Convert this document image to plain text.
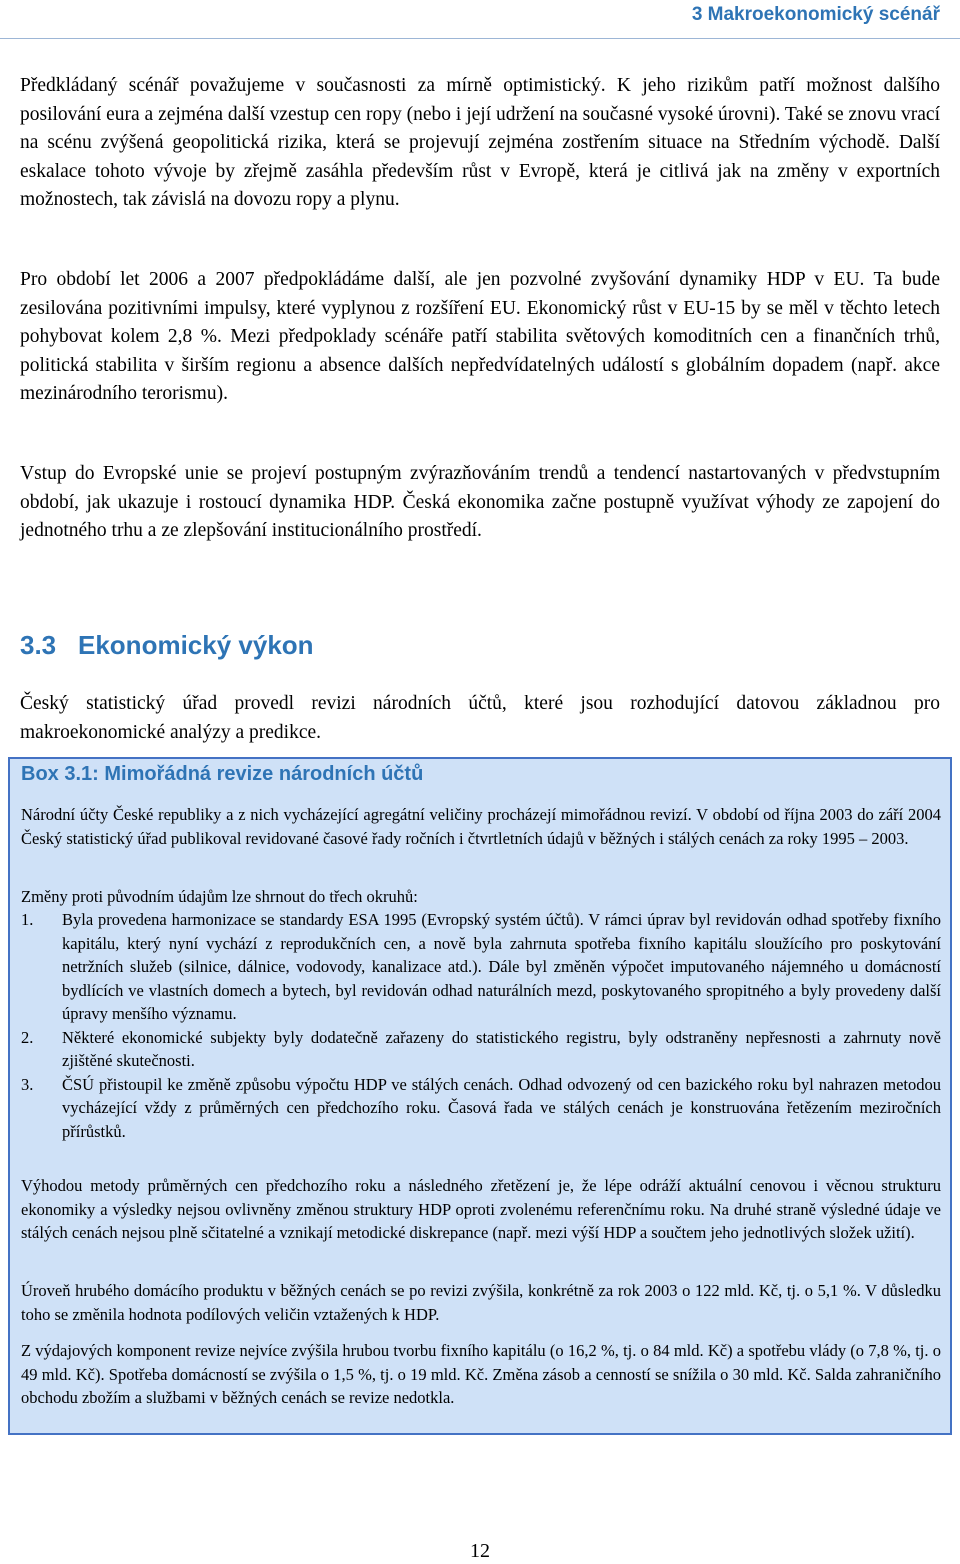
3 Makroekonomický scénář

Předkládaný scénář považujeme v současnosti za mírně optimistický. K jeho rizikům patří možnost dalšího posilování eura a zejména další vzestup cen ropy (nebo i její udržení na současné vysoké úrovni). Také se znovu vrací na scénu zvýšená geopolitická rizika, která se projevují zejména zostřením situace na Středním východě. Další eskalace tohoto vývoje by zřejmě zasáhla především růst v Evropě, která je citlivá jak na změny v exportních možnostech, tak závislá na dovozu ropy a plynu.

Pro období let 2006 a 2007 předpokládáme další, ale jen pozvolné zvyšování dynamiky HDP v EU. Ta bude zesilována pozitivními impulsy, které vyplynou z rozšíření EU. Ekonomický růst v EU-15 by se měl v těchto letech pohybovat kolem 2,8 %. Mezi předpoklady scénáře patří stabilita světových komoditních cen a finančních trhů, politická stabilita v širším regionu a absence dalších nepředvídatelných událostí s globálním dopadem (např. akce mezinárodního terorismu).

Vstup do Evropské unie se projeví postupným zvýrazňováním trendů a tendencí nastartovaných v předvstupním období, jak ukazuje i rostoucí dynamika HDP. Česká ekonomika začne postupně využívat výhody ze zapojení do jednotného trhu a ze zlepšování institucionálního prostředí.

3.3 Ekonomický výkon

Český statistický úřad provedl revizi národních účtů, které jsou rozhodující datovou základnou pro makroekonomické analýzy a predikce.

Box 3.1: Mimořádná revize národních účtů

Národní účty České republiky a z nich vycházející agregátní veličiny procházejí mimořádnou revizí. V období od října 2003 do září 2004 Český statistický úřad publikoval revidované časové řady ročních i čtvrtletních údajů v běžných i stálých cenách za roky 1995 – 2003.

Změny proti původním údajům lze shrnout do třech okruhů:

1. Byla provedena harmonizace se standardy ESA 1995 (Evropský systém účtů). V rámci úprav byl revidován odhad spotřeby fixního kapitálu, který nyní vychází z reprodukčních cen, a nově byla zahrnuta spotřeba fixního kapitálu sloužícího pro poskytování netržních služeb (silnice, dálnice, vodovody, kanalizace atd.). Dále byl změněn výpočet imputovaného nájemného u domácností bydlících ve vlastních domech a bytech, byl revidován odhad naturálních mezd, poskytovaného spropitného a byly provedeny další úpravy menšího významu.
2. Některé ekonomické subjekty byly dodatečně zařazeny do statistického registru, byly odstraněny nepřesnosti a zahrnuty nově zjištěné skutečnosti.
3. ČSÚ přistoupil ke změně způsobu výpočtu HDP ve stálých cenách. Odhad odvozený od cen bazického roku byl nahrazen metodou vycházející vždy z průměrných cen předchozího roku. Časová řada ve stálých cenách je konstruována řetězením meziročních přírůstků.

Výhodou metody průměrných cen předchozího roku a následného zřetězení je, že lépe odráží aktuální cenovou i věcnou strukturu ekonomiky a výsledky nejsou ovlivněny změnou struktury HDP oproti zvolenému referenčnímu roku. Na druhé straně výsledné údaje ve stálých cenách nejsou plně sčitatelné a vznikají metodické diskrepance (např. mezi výší HDP a součtem jeho jednotlivých složek užití).

Úroveň hrubého domácího produktu v běžných cenách se po revizi zvýšila, konkrétně za rok 2003 o 122 mld. Kč, tj. o 5,1 %. V důsledku toho se změnila hodnota podílových veličin vztažených k HDP.

Z výdajových komponent revize nejvíce zvýšila hrubou tvorbu fixního kapitálu (o 16,2 %, tj. o 84 mld. Kč) a spotřebu vlády (o 7,8 %, tj. o 49 mld. Kč). Spotřeba domácností se zvýšila o 1,5 %, tj. o 19 mld. Kč. Změna zásob a cenností se snížila o 30 mld. Kč. Salda zahraničního obchodu zbožím a službami v běžných cenách se revize nedotkla.

12
